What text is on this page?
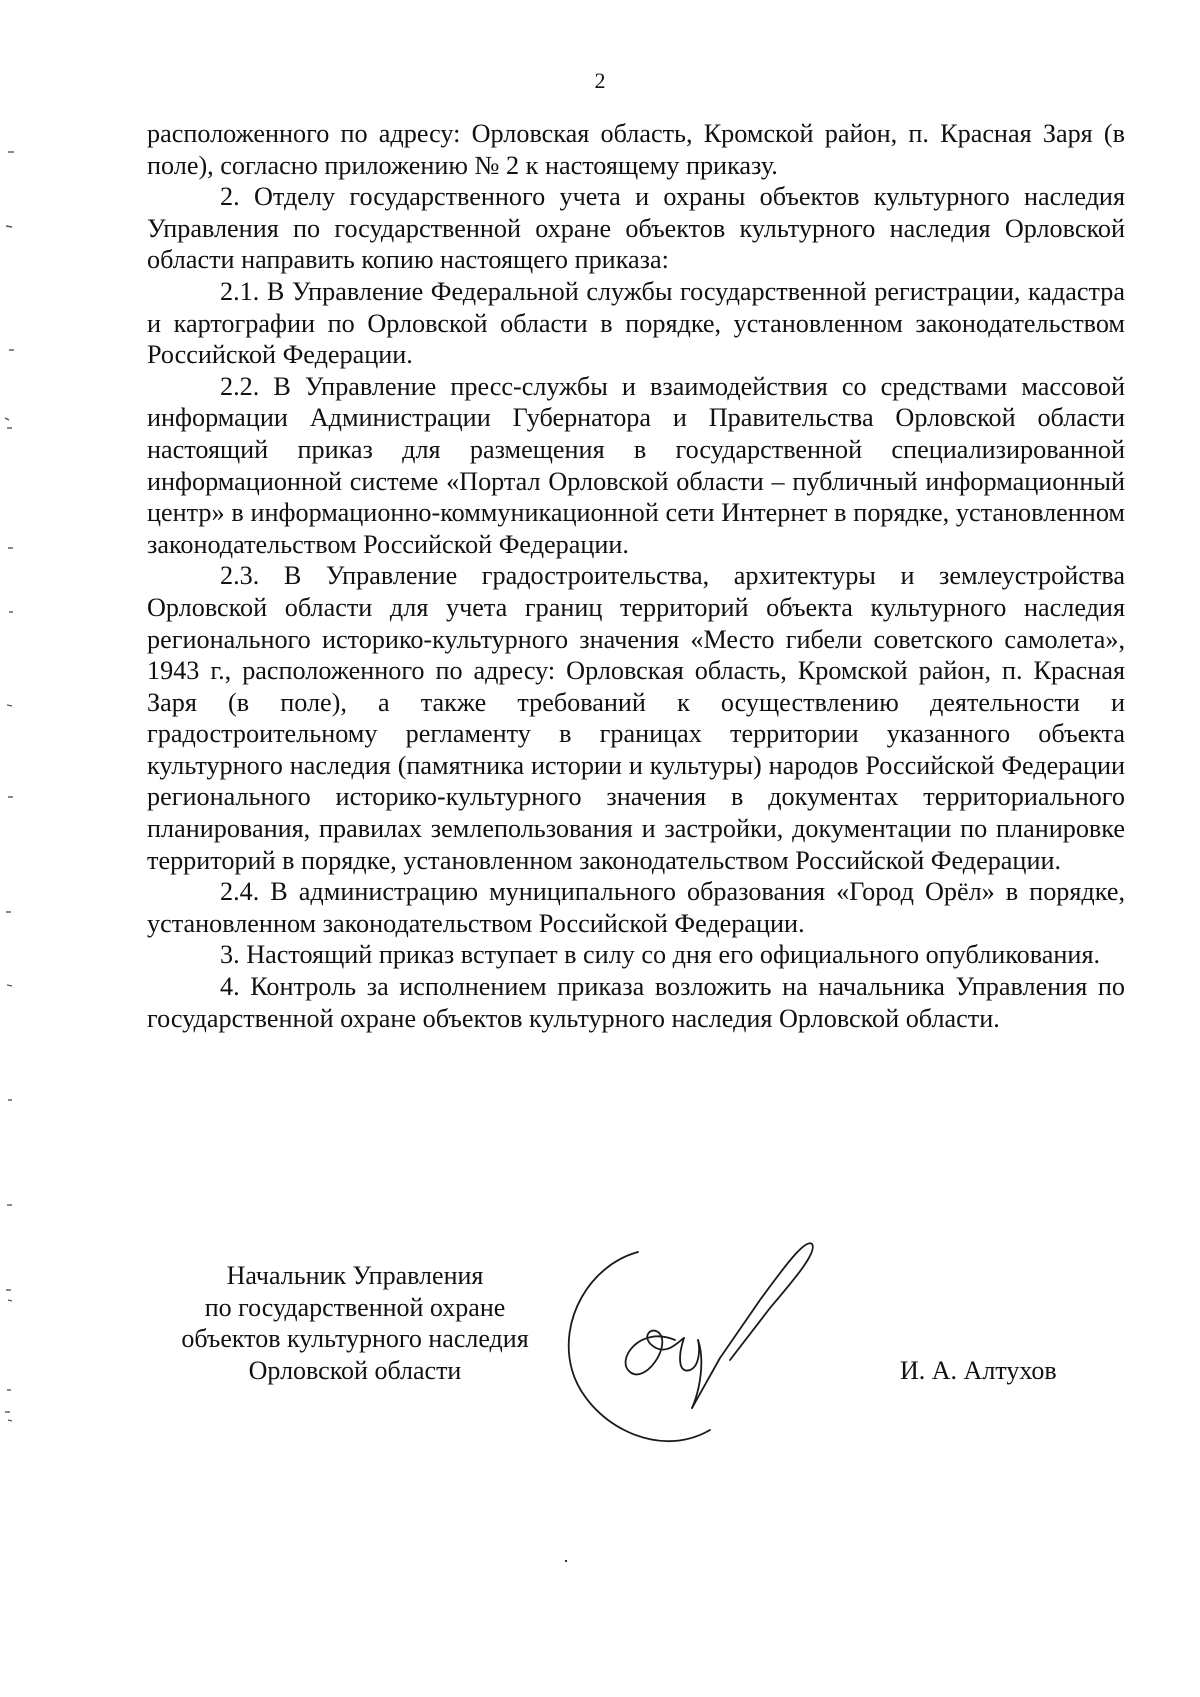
2

расположенного по адресу: Орловская область, Кромской район, п. Красная Заря (в поле), согласно приложению № 2 к настоящему приказу.

2. Отделу государственного учета и охраны объектов культурного наследия Управления по государственной охране объектов культурного наследия Орловской области направить копию настоящего приказа:

2.1. В Управление Федеральной службы государственной регистрации, кадастра и картографии по Орловской области в порядке, установленном законодательством Российской Федерации.

2.2. В Управление пресс-службы и взаимодействия со средствами массовой информации Администрации Губернатора и Правительства Орловской области настоящий приказ для размещения в государственной специализированной информационной системе «Портал Орловской области – публичный информационный центр» в информационно-коммуникационной сети Интернет в порядке, установленном законодательством Российской Федерации.

2.3. В Управление градостроительства, архитектуры и землеустройства Орловской области для учета границ территорий объекта культурного наследия регионального историко-культурного значения «Место гибели советского самолета», 1943 г., расположенного по адресу: Орловская область, Кромской район, п. Красная Заря (в поле), а также требований к осуществлению деятельности и градостроительному регламенту в границах территории указанного объекта культурного наследия (памятника истории и культуры) народов Российской Федерации регионального историко-культурного значения в документах территориального планирования, правилах землепользования и застройки, документации по планировке территорий в порядке, установленном законодательством Российской Федерации.

2.4. В администрацию муниципального образования «Город Орёл» в порядке, установленном законодательством Российской Федерации.

3. Настоящий приказ вступает в силу со дня его официального опубликования.

4. Контроль за исполнением приказа возложить на начальника Управления по государственной охране объектов культурного наследия Орловской области.

Начальник Управления
по государственной охране
объектов культурного наследия
Орловской области	И. А. Алтухов
